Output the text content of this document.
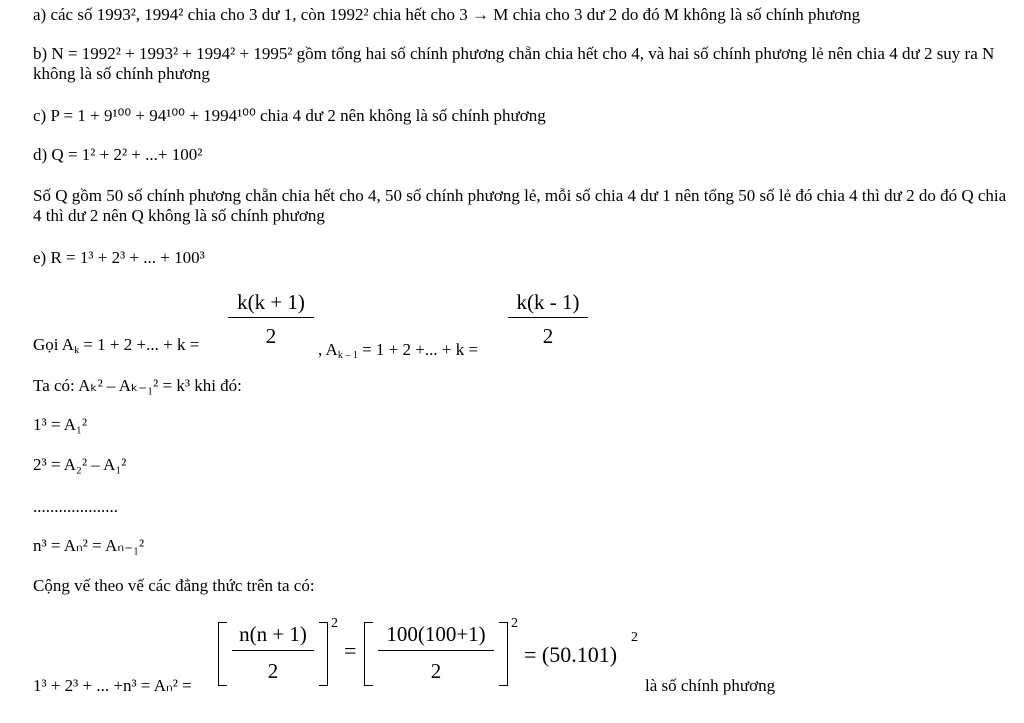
a) các số 1993², 1994² chia cho 3 dư 1, còn 1992² chia hết cho 3 → M chia cho 3 dư 2 do đó M không là số chính phương
b) N = 1992² + 1993² + 1994² + 1995² gồm tổng hai số chính phương chẵn chia hết cho 4, và hai số chính phương lẻ nên chia 4 dư 2 suy ra N không là số chính phương
c) P = 1 + 9¹⁰⁰ + 94¹⁰⁰ + 1994¹⁰⁰ chia 4 dư 2 nên không là số chính phương
d) Q = 1² + 2² + ...+ 100²
Số Q gồm 50 số chính phương chẵn chia hết cho 4, 50 số chính phương lẻ, mỗi số chia 4 dư 1 nên tổng 50 số lẻ đó chia 4 thì dư 2 do đó Q chia 4 thì dư 2 nên Q không là số chính phương
e) R = 1³ + 2³ + ... + 100³
Gọi $A_k = 1 + 2$ +... + $k = \frac{k(k + 1)}{2}$
, $A_{k - 1} = 1 + 2$ +... + k =
$\frac{k(k - 1)}{2}$
Ta có: Aₖ² – Aₖ₋₁² = k³ khi đó:
1³ = A₁²
2³ = A₂² – A₁²
....................
n³ = Aₙ² = Aₙ₋₁²
Cộng vế theo vế các đẳng thức trên ta có:
1³ + 2³ + ... +n³ = Aₙ² =
$\frac{n(n + 1)}{2} 2$
= $\frac{100(100+1)}{2} 2$
= (50.101)
2
là số chính phương
